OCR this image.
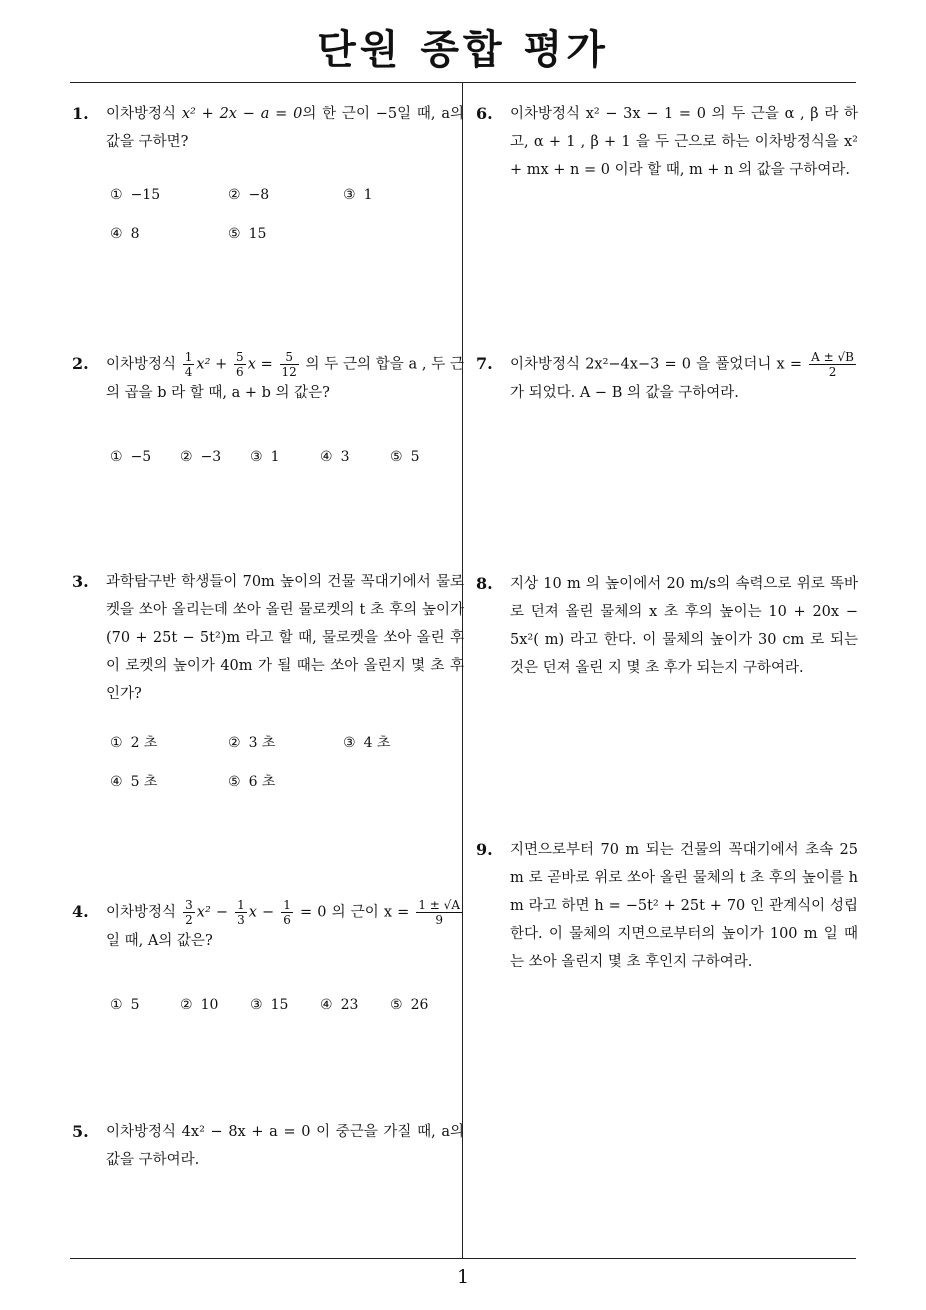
단원 종합 평가
1. 이차방정식 x² + 2x − a = 0의 한 근이 −5일 때, a의 값을 구하면?
① −15	② −8	③ 1
④ 8	⑤ 15
2. 이차방정식 $\frac{1}{4} x^2 + \frac{5}{6}$ $x = \frac{5}{12}$ 의 두 근의 합을 a , 두 근의 곱을 b 라 할 때, a + b 의 값은?
① −5 ② −3 ③ 1	④ 3	⑤ 5
3. 과학탐구반 학생들이 70m 높이의 건물 꼭대기에서 물로켓을 쏘아 올리는데 쏘아 올린 물로켓의 t 초 후의 높이가 (70 + 25t − 5t²)m 라고 할 때, 물로켓을 쏘아 올린 후 이 로켓의 높이가 40m 가 될 때는 쏘아 올린지 몇 초 후인가?
① 2 초	② 3 초	③ 4 초
④ 5 초	⑤ 6 초
4. 이차방정식 $\frac{3}{2} x^2 - \frac{1}{3}$ $x - \frac{1}{6} = 0$ 의 근이 $x = \frac{1 \pm √A}{9}$
일 때, A의 값은?
① 5	② 10 ③ 15 ④ 23 ⑤ 26
5. 이차방정식 4x² − 8x + a = 0 이 중근을 가질 때, a의 값을 구하여라.
6. 이차방정식 x² − 3x − 1 = 0 의 두 근을 α , β 라 하고, α + 1 , β + 1 을 두 근으로 하는 이차방정식을 x² + mx + n = 0 이라 할 때, m + n 의 값을 구하여라.
7. 이차방정식 2x²−4x−3 = 0 을 풀었더니 $x = \frac{A \pm √B}{2}$
가 되었다. A − B 의 값을 구하여라.
8. 지상 10 m 의 높이에서 20 m/s의 속력으로 위로 똑바로 던져 올린 물체의 x 초 후의 높이는 10 + 20x − 5x²( m) 라고 한다. 이 물체의 높이가 30 cm 로 되는 것은 던져 올린 지 몇 초 후가 되는지 구하여라.
9. 지면으로부터 70 m 되는 건물의 꼭대기에서 초속 25 m 로 곧바로 위로 쏘아 올린 물체의 t 초 후의 높이를 h m 라고 하면 h = −5t² + 25t + 70 인 관계식이 성립한다. 이 물체의 지면으로부터의 높이가 100 m 일 때는 쏘아 올린지 몇 초 후인지 구하여라.
1
